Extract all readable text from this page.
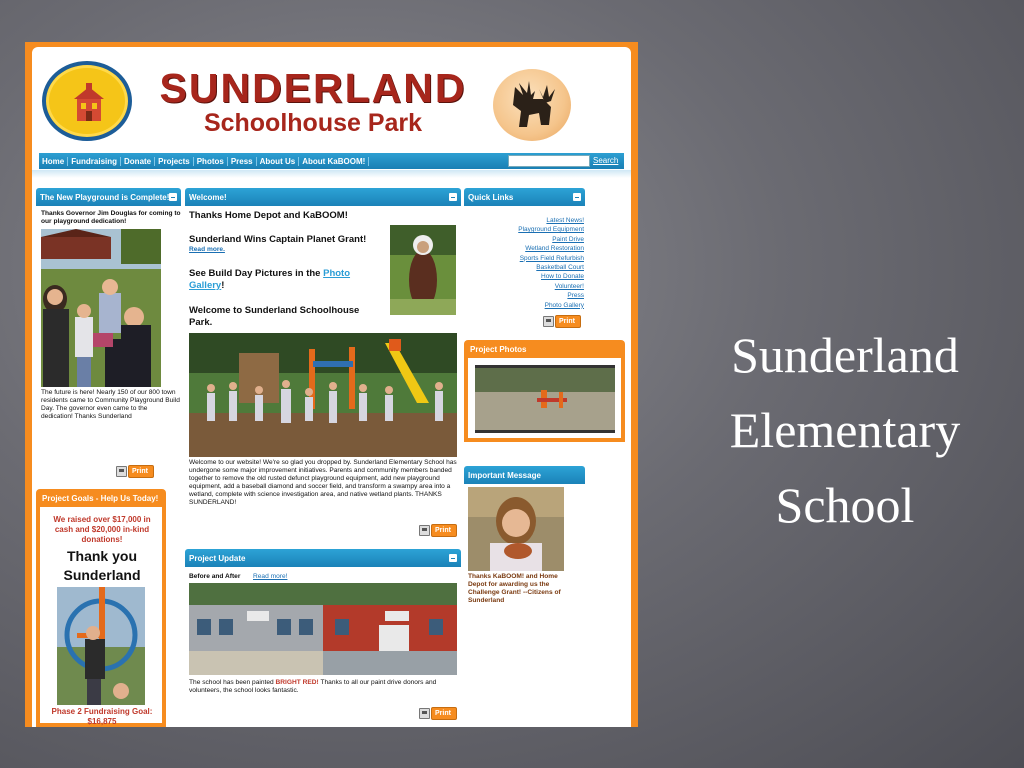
Sunderland
Elementary
School
SUNDERLAND
Schoolhouse Park
Home Fundraising Donate Projects Photos Press About Us About KaBOOM!	Search
The New Playground is Complete!
Thanks Governor Jim Douglas for coming to our playground dedication!
The future is here! Nearly 150 of our 800 town residents came to Community Playground Build Day. The governor even came to the dedication! Thanks Sunderland
Print
Project Goals - Help Us Today!
We raised over $17,000 in cash and $20,000 in-kind donations!
Thank you Sunderland
Phase 2 Fundraising Goal: $16,875
Welcome!
Thanks Home Depot and KaBOOM!
Sunderland Wins Captain Planet Grant!
Read more.
See Build Day Pictures in the Photo Gallery!
Welcome to Sunderland Schoolhouse Park.
Welcome to our website! We're so glad you dropped by. Sunderland Elementary School has undergone some major improvement initiatives. Parents and community members banded together to remove the old rusted defunct playground equipment, add new playground equipment, add a baseball diamond and soccer field, and transform a swampy area into a wetland, complete with science investigation area, and native wetland plants. THANKS SUNDERLAND!
Print
Project Update
Before and After Read more!
The school has been painted BRIGHT RED! Thanks to all our paint drive donors and volunteers, the school looks fantastic.
Print
Quick Links
Latest News!
Playground Equipment
Paint Drive
Wetland Restoration
Sports Field Refurbish
Basketball Court
How to Donate
Volunteer!
Press
Photo Gallery
Print
Project Photos
Important Message
Thanks KaBOOM! and Home Depot for awarding us the Challenge Grant! --Citizens of Sunderland
